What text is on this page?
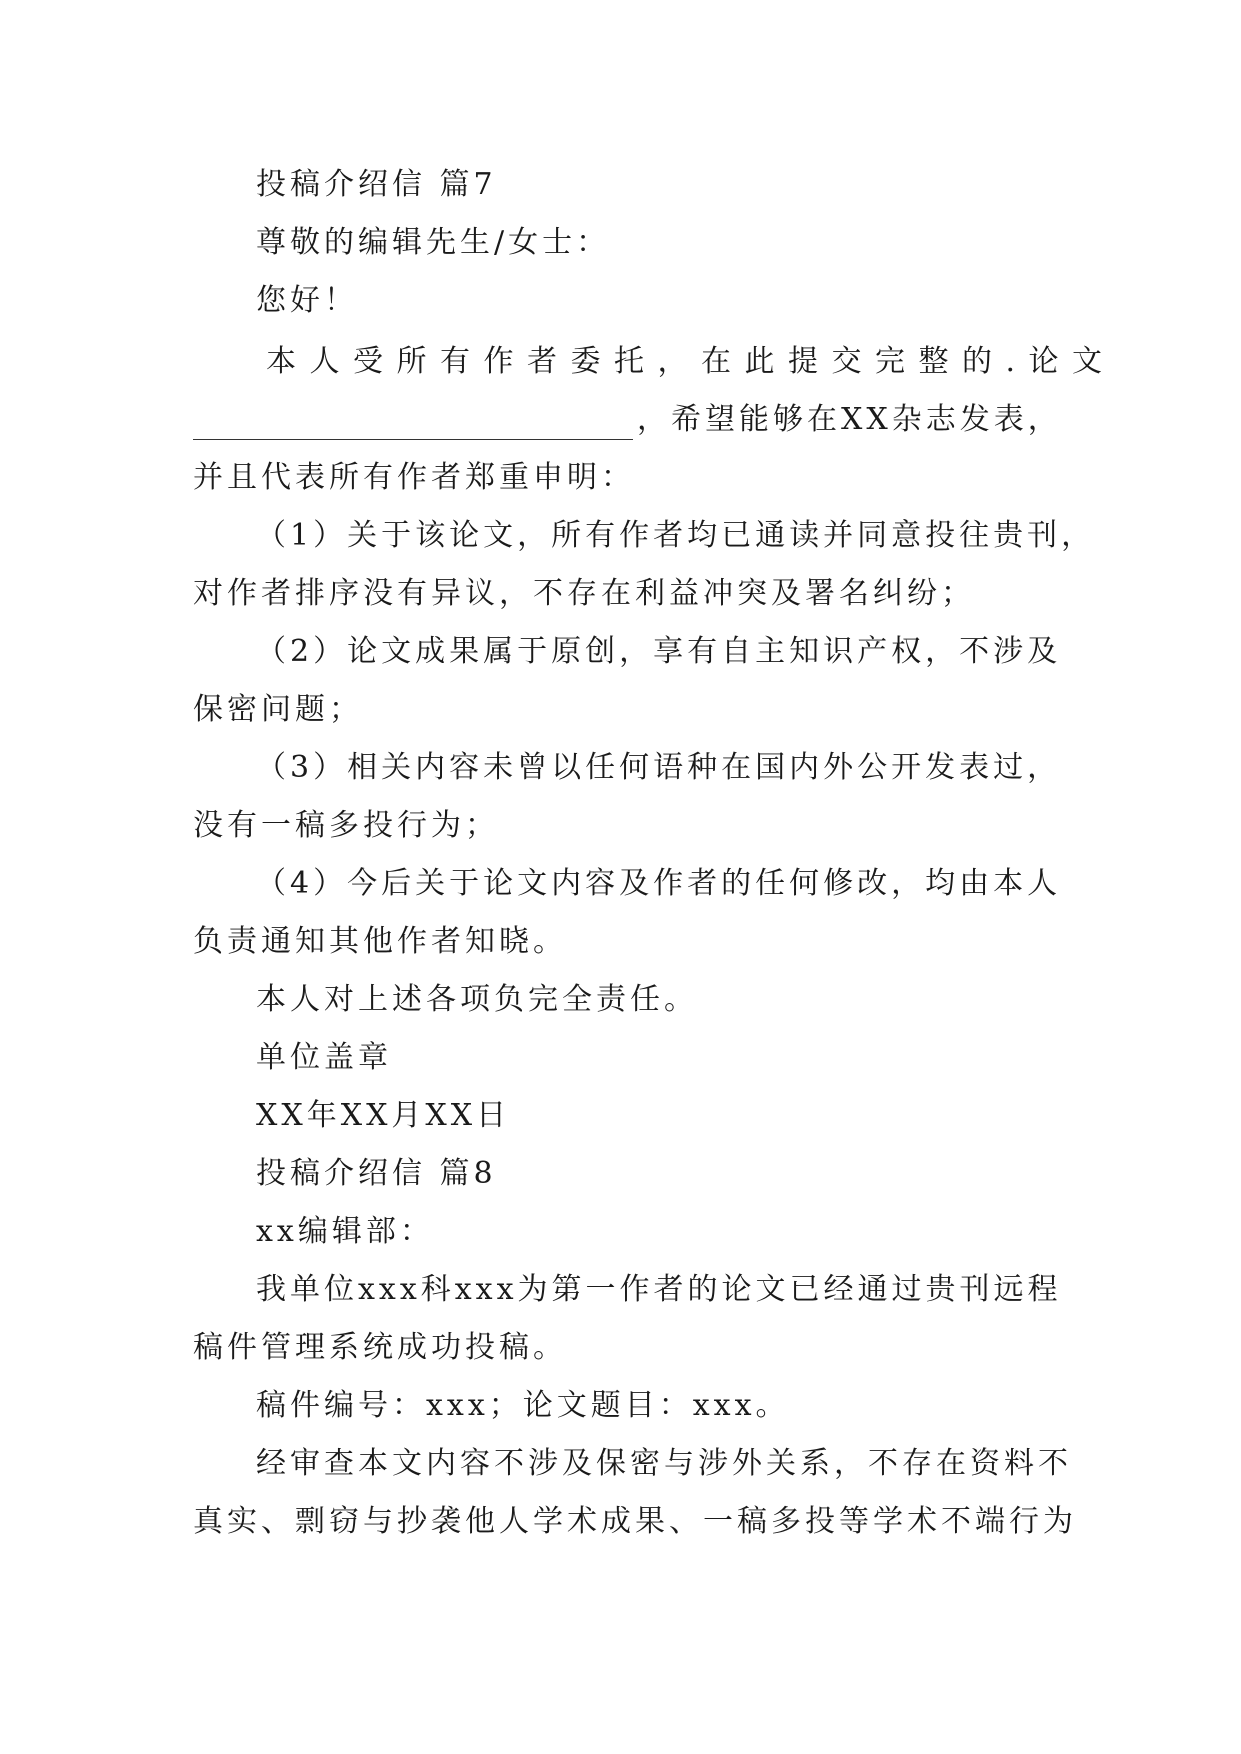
投稿介绍信 篇7
尊敬的编辑先生/女士：
您好！
本人受所有作者委托，在此提交完整的.论文
，希望能够在XX杂志发表，
并且代表所有作者郑重申明：
（1）关于该论文，所有作者均已通读并同意投往贵刊，
对作者排序没有异议，不存在利益冲突及署名纠纷；
（2）论文成果属于原创，享有自主知识产权，不涉及
保密问题；
（3）相关内容未曾以任何语种在国内外公开发表过，
没有一稿多投行为；
（4）今后关于论文内容及作者的任何修改，均由本人
负责通知其他作者知晓。
本人对上述各项负完全责任。
单位盖章
XX年XX月XX日
投稿介绍信 篇8
xx编辑部：
我单位xxx科xxx为第一作者的论文已经通过贵刊远程
稿件管理系统成功投稿。
稿件编号：xxx；论文题目：xxx。
经审查本文内容不涉及保密与涉外关系，不存在资料不
真实、剽窃与抄袭他人学术成果、一稿多投等学术不端行为
